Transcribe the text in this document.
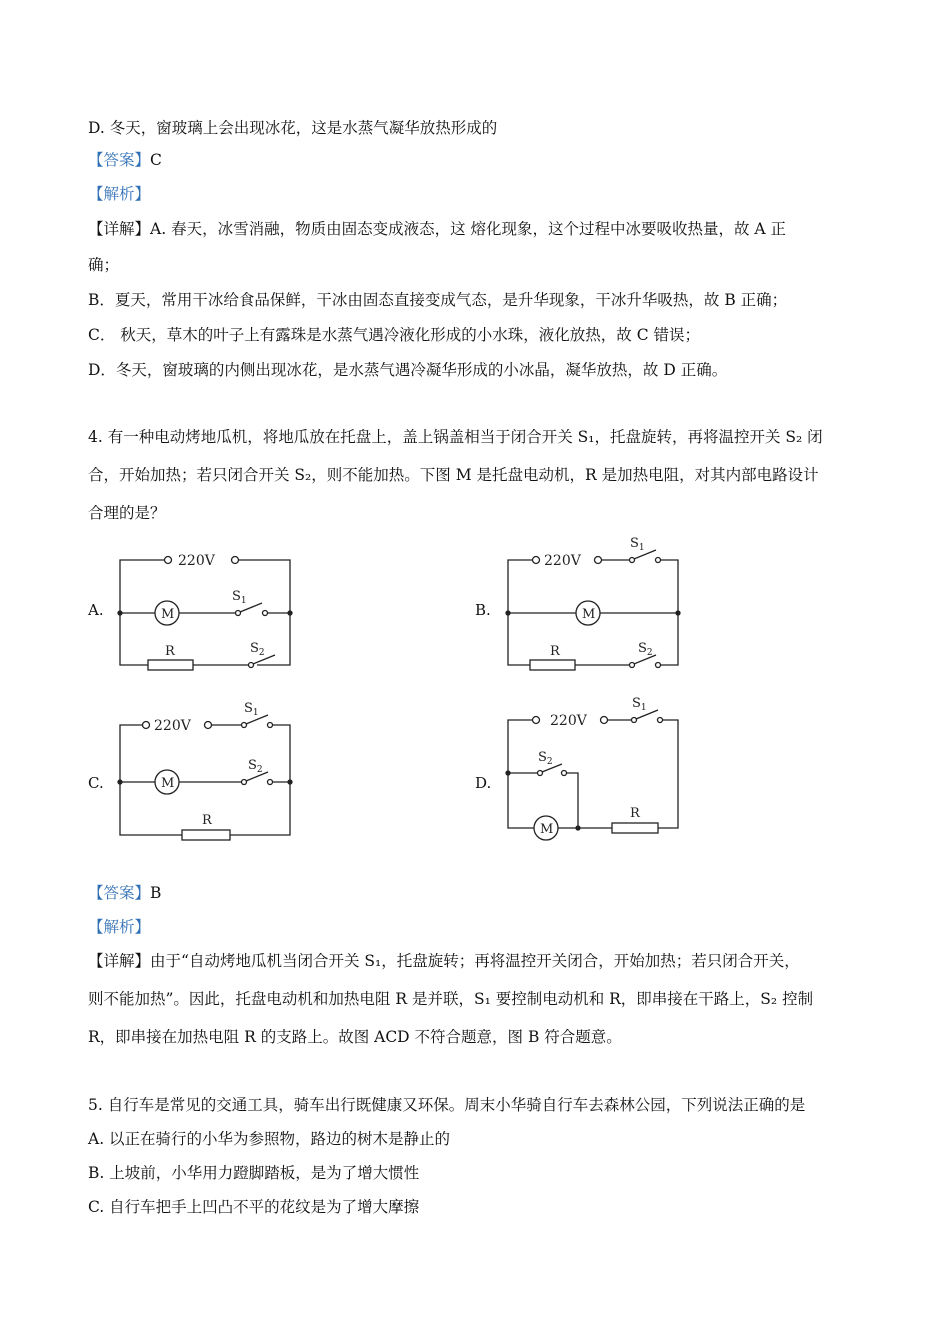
D. 冬天，窗玻璃上会出现冰花，这是水蒸气凝华放热形成的
【答案】C
【解析】
【详解】A. 春天，冰雪消融，物质由固态变成液态，这 熔化现象，这个过程中冰要吸收热量，故 A 正
确；
B．夏天，常用干冰给食品保鲜，干冰由固态直接变成气态，是升华现象，干冰升华吸热，故 B 正确；
C． 秋天，草木的叶子上有露珠是水蒸气遇冷液化形成的小水珠，液化放热，故 C 错误；
D．冬天，窗玻璃的内侧出现冰花，是水蒸气遇冷凝华形成的小冰晶，凝华放热，故 D 正确。
4. 有一种电动烤地瓜机，将地瓜放在托盘上，盖上锅盖相当于闭合开关 S₁，托盘旋转，再将温控开关 S₂ 闭
合，开始加热；若只闭合开关 S₂，则不能加热。下图 M 是托盘电动机，R 是加热电阻，对其内部电路设计
合理的是？
A.	B.
C.	D.
220V
M
$S_1$
R	$S_2$
220V
$S_1$
M
R	$S_2$
220V
$S_1$
M
$S_2$
R
220V
$S_1$
$S_2$
M
R
【答案】B
【解析】
【详解】由于“自动烤地瓜机当闭合开关 S₁，托盘旋转；再将温控开关闭合，开始加热；若只闭合开关，
则不能加热”。因此，托盘电动机和加热电阻 R 是并联，S₁ 要控制电动机和 R，即串接在干路上，S₂ 控制
R，即串接在加热电阻 R 的支路上。故图 ACD 不符合题意，图 B 符合题意。
5. 自行车是常见的交通工具，骑车出行既健康又环保。周末小华骑自行车去森林公园，下列说法正确的是
A. 以正在骑行的小华为参照物，路边的树木是静止的
B. 上坡前，小华用力蹬脚踏板，是为了增大惯性
C. 自行车把手上凹凸不平的花纹是为了增大摩擦
